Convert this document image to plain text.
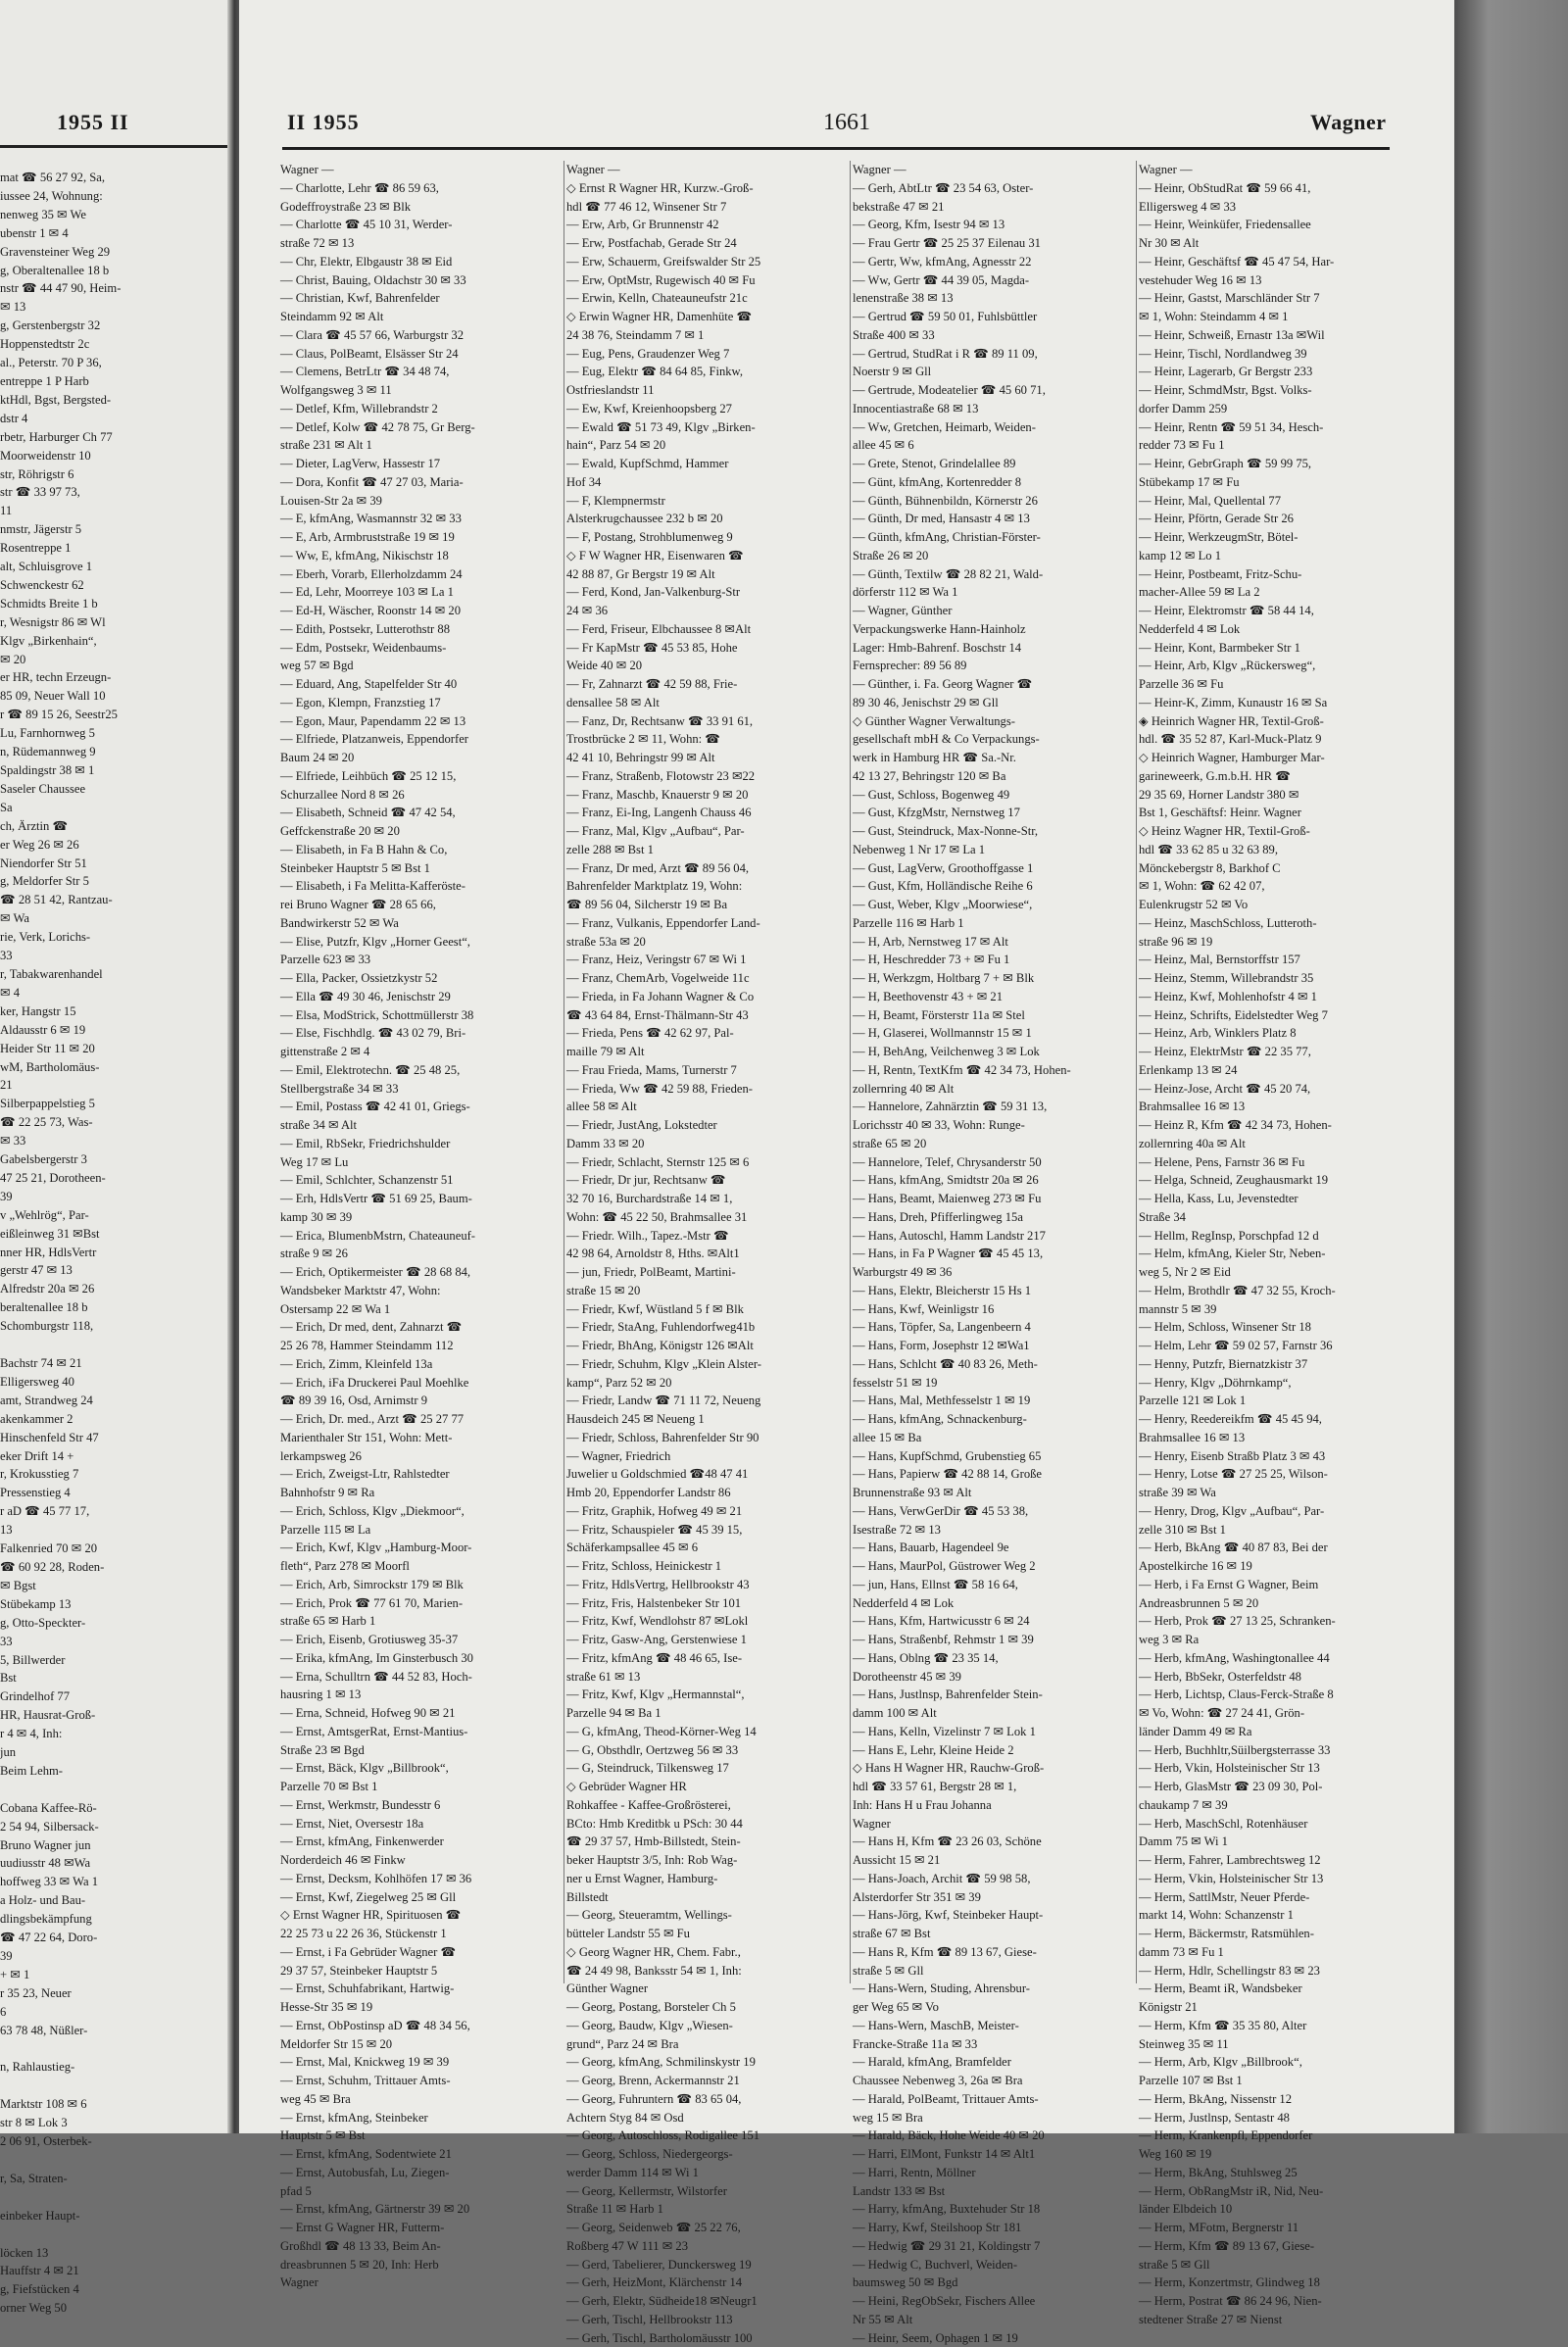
1955 II
mat ☎ 56 27 92, Sa,
iussee 24, Wohnung:
nenweg 35 ✉ We
ubenstr 1 ✉ 4
Gravensteiner Weg 29
g, Oberaltenallee 18 b
nstr ☎ 44 47 90, Heim-
✉ 13
g, Gerstenbergstr 32
Hoppenstedtstr 2c
al., Peterstr. 70 P 36,
entreppe 1 P Harb
ktHdl, Bgst, Bergsted-
dstr 4
rbetr, Harburger Ch 77
Moorweidenstr 10
str, Röhrigstr 6
str ☎ 33 97 73,
11
nmstr, Jägerstr 5
Rosentreppe 1
alt, Schluisgrove 1
Schwenckestr 62
Schmidts Breite 1 b
r, Wesnigstr 86 ✉ Wl
Klgv „Birkenhain“,
✉ 20
er HR, techn Erzeugn-
85 09, Neuer Wall 10
r ☎ 89 15 26, Seestr25
Lu, Farnhornweg 5
n, Rüdemannweg 9
Spaldingstr 38 ✉ 1
Saseler Chaussee
Sa
ch, Ärztin ☎
er Weg 26 ✉ 26
Niendorfer Str 51
g, Meldorfer Str 5
☎ 28 51 42, Rantzau-
✉ Wa
rie, Verk, Lorichs-
33
r, Tabakwarenhandel
✉ 4
ker, Hangstr 15
Aldausstr 6 ✉ 19
Heider Str 11 ✉ 20
wM, Bartholomäus-
21
Silberpappelstieg 5
☎ 22 25 73, Was-
✉ 33
Gabelsbergerstr 3
47 25 21, Dorotheen-
39
v „Wehlrög“, Par-
eißleinweg 31 ✉Bst
nner HR, HdlsVertr
gerstr 47 ✉ 13
Alfredstr 20a ✉ 26
beraltenallee 18 b
Schomburgstr 118,

Bachstr 74 ✉ 21
Elligersweg 40
amt, Strandweg 24
akenkammer 2
Hinschenfeld Str 47
eker Drift 14 +
r, Krokusstieg 7
Pressenstieg 4
r aD ☎ 45 77 17,
13
Falkenried 70 ✉ 20
☎ 60 92 28, Roden-
✉ Bgst
Stübekamp 13
g, Otto-Speckter-
33
5, Billwerder
Bst
Grindelhof 77
HR, Hausrat-Groß-
r 4 ✉ 4, Inh:
jun
Beim Lehm-

Cobana Kaffee-Rö-
2 54 94, Silbersack-
Bruno Wagner jun
uudiusstr 48 ✉Wa
hoffweg 33 ✉ Wa 1
a Holz- und Bau-
dlingsbekämpfung
☎ 47 22 64, Doro-
39
+ ✉ 1
r 35 23, Neuer
6
63 78 48, Nüßler-

n, Rahlaustieg-

Marktstr 108 ✉ 6
str 8 ✉ Lok 3
2 06 91, Osterbek-

r, Sa, Straten-

einbeker Haupt-

löcken 13
Hauffstr 4 ✉ 21
g, Fiefstücken 4
orner Weg 50
II 1955	1661	Wagner
Wagner —
— Charlotte, Lehr ☎ 86 59 63,
Godeffroystraße 23 ✉ Blk
— Charlotte ☎ 45 10 31, Werder-
straße 72 ✉ 13
— Chr, Elektr, Elbgaustr 38 ✉ Eid
— Christ, Bauing, Oldachstr 30 ✉ 33
— Christian, Kwf, Bahrenfelder
Steindamm 92 ✉ Alt
— Clara ☎ 45 57 66, Warburgstr 32
— Claus, PolBeamt, Elsässer Str 24
— Clemens, BetrLtr ☎ 34 48 74,
Wolfgangsweg 3 ✉ 11
— Detlef, Kfm, Willebrandstr 2
— Detlef, Kolw ☎ 42 78 75, Gr Berg-
straße 231 ✉ Alt 1
— Dieter, LagVerw, Hassestr 17
— Dora, Konfit ☎ 47 27 03, Maria-
Louisen-Str 2a ✉ 39
— E, kfmAng, Wasmannstr 32 ✉ 33
— E, Arb, Armbruststraße 19 ✉ 19
— Ww, E, kfmAng, Nikischstr 18
— Eberh, Vorarb, Ellerholzdamm 24
— Ed, Lehr, Moorreye 103 ✉ La 1
— Ed-H, Wäscher, Roonstr 14 ✉ 20
— Edith, Postsekr, Lutterothstr 88
— Edm, Postsekr, Weidenbaums-
weg 57 ✉ Bgd
— Eduard, Ang, Stapelfelder Str 40
— Egon, Klempn, Franzstieg 17
— Egon, Maur, Papendamm 22 ✉ 13
— Elfriede, Platzanweis, Eppendorfer
Baum 24 ✉ 20
— Elfriede, Leihbüch ☎ 25 12 15,
Schurzallee Nord 8 ✉ 26
— Elisabeth, Schneid ☎ 47 42 54,
Geffckenstraße 20 ✉ 20
— Elisabeth, in Fa B Hahn & Co,
Steinbeker Hauptstr 5 ✉ Bst 1
— Elisabeth, i Fa Melitta-Kafferöste-
rei Bruno Wagner ☎ 28 65 66,
Bandwirkerstr 52 ✉ Wa
— Elise, Putzfr, Klgv „Horner Geest“,
Parzelle 623 ✉ 33
— Ella, Packer, Ossietzkystr 52
— Ella ☎ 49 30 46, Jenischstr 29
— Elsa, ModStrick, Schottmüllerstr 38
— Else, Fischhdlg. ☎ 43 02 79, Bri-
gittenstraße 2 ✉ 4
— Emil, Elektrotechn. ☎ 25 48 25,
Stellbergstraße 34 ✉ 33
— Emil, Postass ☎ 42 41 01, Griegs-
straße 34 ✉ Alt
— Emil, RbSekr, Friedrichshulder
Weg 17 ✉ Lu
— Emil, Schlchter, Schanzenstr 51
— Erh, HdlsVertr ☎ 51 69 25, Baum-
kamp 30 ✉ 39
— Erica, BlumenbMstrn, Chateauneuf-
straße 9 ✉ 26
— Erich, Optikermeister ☎ 28 68 84,
Wandsbeker Marktstr 47, Wohn:
Ostersamp 22 ✉ Wa 1
— Erich, Dr med, dent, Zahnarzt ☎
25 26 78, Hammer Steindamm 112
— Erich, Zimm, Kleinfeld 13a
— Erich, iFa Druckerei Paul Moehlke
☎ 89 39 16, Osd, Arnimstr 9
— Erich, Dr. med., Arzt ☎ 25 27 77
Marienthaler Str 151, Wohn: Mett-
lerkampsweg 26
— Erich, Zweigst-Ltr, Rahlstedter
Bahnhofstr 9 ✉ Ra
— Erich, Schloss, Klgv „Diekmoor“,
Parzelle 115 ✉ La
— Erich, Kwf, Klgv „Hamburg-Moor-
fleth“, Parz 278 ✉ Moorfl
— Erich, Arb, Simrockstr 179 ✉ Blk
— Erich, Prok ☎ 77 61 70, Marien-
straße 65 ✉ Harb 1
— Erich, Eisenb, Grotiusweg 35-37
— Erika, kfmAng, Im Ginsterbusch 30
— Erna, Schulltrn ☎ 44 52 83, Hoch-
hausring 1 ✉ 13
— Erna, Schneid, Hofweg 90 ✉ 21
— Ernst, AmtsgerRat, Ernst-Mantius-
Straße 23 ✉ Bgd
— Ernst, Bäck, Klgv „Billbrook“,
Parzelle 70 ✉ Bst 1
— Ernst, Werkmstr, Bundesstr 6
— Ernst, Niet, Oversestr 18a
— Ernst, kfmAng, Finkenwerder
Norderdeich 46 ✉ Finkw
— Ernst, Decksm, Kohlhöfen 17 ✉ 36
— Ernst, Kwf, Ziegelweg 25 ✉ Gll
◇ Ernst Wagner HR, Spirituosen ☎
22 25 73 u 22 26 36, Stückenstr 1
— Ernst, i Fa Gebrüder Wagner ☎
29 37 57, Steinbeker Hauptstr 5
— Ernst, Schuhfabrikant, Hartwig-
Hesse-Str 35 ✉ 19
— Ernst, ObPostinsp aD ☎ 48 34 56,
Meldorfer Str 15 ✉ 20
— Ernst, Mal, Knickweg 19 ✉ 39
— Ernst, Schuhm, Trittauer Amts-
weg 45 ✉ Bra
— Ernst, kfmAng, Steinbeker
Hauptstr 5 ✉ Bst
— Ernst, kfmAng, Sodentwiete 21
— Ernst, Autobusfah, Lu, Ziegen-
pfad 5
— Ernst, kfmAng, Gärtnerstr 39 ✉ 20
— Ernst G Wagner HR, Futterm-
Großhdl ☎ 48 13 33, Beim An-
dreasbrunnen 5 ✉ 20, Inh: Herb
Wagner
Wagner —
◇ Ernst R Wagner HR, Kurzw.-Groß-
hdl ☎ 77 46 12, Winsener Str 7
— Erw, Arb, Gr Brunnenstr 42
— Erw, Postfachab, Gerade Str 24
— Erw, Schauerm, Greifswalder Str 25
— Erw, OptMstr, Rugewisch 40 ✉ Fu
— Erwin, Kelln, Chateauneufstr 21c
◇ Erwin Wagner HR, Damenhüte ☎
24 38 76, Steindamm 7 ✉ 1
— Eug, Pens, Graudenzer Weg 7
— Eug, Elektr ☎ 84 64 85, Finkw,
Ostfrieslandstr 11
— Ew, Kwf, Kreienhoopsberg 27
— Ewald ☎ 51 73 49, Klgv „Birken-
hain“, Parz 54 ✉ 20
— Ewald, KupfSchmd, Hammer
Hof 34
— F, Klempnermstr
Alsterkrugchaussee 232 b ✉ 20
— F, Postang, Strohblumenweg 9
◇ F W Wagner HR, Eisenwaren ☎
42 88 87, Gr Bergstr 19 ✉ Alt
— Ferd, Kond, Jan-Valkenburg-Str
24 ✉ 36
— Ferd, Friseur, Elbchaussee 8 ✉Alt
— Fr KapMstr ☎ 45 53 85, Hohe
Weide 40 ✉ 20
— Fr, Zahnarzt ☎ 42 59 88, Frie-
densallee 58 ✉ Alt
— Fanz, Dr, Rechtsanw ☎ 33 91 61,
Trostbrücke 2 ✉ 11, Wohn: ☎
42 41 10, Behringstr 99 ✉ Alt
— Franz, Straßenb, Flotowstr 23 ✉22
— Franz, Maschb, Knauerstr 9 ✉ 20
— Franz, Ei-Ing, Langenh Chauss 46
— Franz, Mal, Klgv „Aufbau“, Par-
zelle 288 ✉ Bst 1
— Franz, Dr med, Arzt ☎ 89 56 04,
Bahrenfelder Marktplatz 19, Wohn:
☎ 89 56 04, Silcherstr 19 ✉ Ba
— Franz, Vulkanis, Eppendorfer Land-
straße 53a ✉ 20
— Franz, Heiz, Veringstr 67 ✉ Wi 1
— Franz, ChemArb, Vogelweide 11c
— Frieda, in Fa Johann Wagner & Co
☎ 43 64 84, Ernst-Thälmann-Str 43
— Frieda, Pens ☎ 42 62 97, Pal-
maille 79 ✉ Alt
— Frau Frieda, Mams, Turnerstr 7
— Frieda, Ww ☎ 42 59 88, Frieden-
allee 58 ✉ Alt
— Friedr, JustAng, Lokstedter
Damm 33 ✉ 20
— Friedr, Schlacht, Sternstr 125 ✉ 6
— Friedr, Dr jur, Rechtsanw ☎
32 70 16, Burchardstraße 14 ✉ 1,
Wohn: ☎ 45 22 50, Brahmsallee 31
— Friedr. Wilh., Tapez.-Mstr ☎
42 98 64, Arnoldstr 8, Hths. ✉Alt1
— jun, Friedr, PolBeamt, Martini-
straße 15 ✉ 20
— Friedr, Kwf, Wüstland 5 f ✉ Blk
— Friedr, StaAng, Fuhlendorfweg41b
— Friedr, BhAng, Königstr 126 ✉Alt
— Friedr, Schuhm, Klgv „Klein Alster-
kamp“, Parz 52 ✉ 20
— Friedr, Landw ☎ 71 11 72, Neueng
Hausdeich 245 ✉ Neueng 1
— Friedr, Schloss, Bahrenfelder Str 90
— Wagner, Friedrich
Juwelier u Goldschmied ☎48 47 41
Hmb 20, Eppendorfer Landstr 86
— Fritz, Graphik, Hofweg 49 ✉ 21
— Fritz, Schauspieler ☎ 45 39 15,
Schäferkampsallee 45 ✉ 6
— Fritz, Schloss, Heinickestr 1
— Fritz, HdlsVertrg, Hellbrookstr 43
— Fritz, Fris, Halstenbeker Str 101
— Fritz, Kwf, Wendlohstr 87 ✉Lokl
— Fritz, Gasw-Ang, Gerstenwiese 1
— Fritz, kfmAng ☎ 48 46 65, Ise-
straße 61 ✉ 13
— Fritz, Kwf, Klgv „Hermannstal“,
Parzelle 94 ✉ Ba 1
— G, kfmAng, Theod-Körner-Weg 14
— G, Obsthdlr, Oertzweg 56 ✉ 33
— G, Steindruck, Tilkensweg 17
◇ Gebrüder Wagner HR
Rohkaffee - Kaffee-Großrösterei,
BCto: Hmb Kreditbk u PSch: 30 44
☎ 29 37 57, Hmb-Billstedt, Stein-
beker Hauptstr 3/5, Inh: Rob Wag-
ner u Ernst Wagner, Hamburg-
Billstedt
— Georg, Steueramtm, Wellings-
bütteler Landstr 55 ✉ Fu
◇ Georg Wagner HR, Chem. Fabr.,
☎ 24 49 98, Banksstr 54 ✉ 1, Inh:
Günther Wagner
— Georg, Postang, Borsteler Ch 5
— Georg, Baudw, Klgv „Wiesen-
grund“, Parz 24 ✉ Bra
— Georg, kfmAng, Schmilinskystr 19
— Georg, Brenn, Ackermannstr 21
— Georg, Fuhruntern ☎ 83 65 04,
Achtern Styg 84 ✉ Osd
— Georg, Autoschloss, Rodigallee 151
— Georg, Schloss, Niedergeorgs-
werder Damm 114 ✉ Wi 1
— Georg, Kellermstr, Wilstorfer
Straße 11 ✉ Harb 1
— Georg, Seidenweb ☎ 25 22 76,
Roßberg 47 W 111 ✉ 23
— Gerd, Tabelierer, Dunckersweg 19
— Gerh, HeizMont, Klärchenstr 14
— Gerh, Elektr, Südheide18 ✉Neugr1
— Gerh, Tischl, Hellbrookstr 113
— Gerh, Tischl, Bartholomäusstr 100
Wagner —
— Gerh, AbtLtr ☎ 23 54 63, Oster-
bekstraße 47 ✉ 21
— Georg, Kfm, Isestr 94 ✉ 13
— Frau Gertr ☎ 25 25 37 Eilenau 31
— Gertr, Ww, kfmAng, Agnesstr 22
— Ww, Gertr ☎ 44 39 05, Magda-
lenenstraße 38 ✉ 13
— Gertrud ☎ 59 50 01, Fuhlsbüttler
Straße 400 ✉ 33
— Gertrud, StudRat i R ☎ 89 11 09,
Noerstr 9 ✉ Gll
— Gertrude, Modeatelier ☎ 45 60 71,
Innocentiastraße 68 ✉ 13
— Ww, Gretchen, Heimarb, Weiden-
allee 45 ✉ 6
— Grete, Stenot, Grindelallee 89
— Günt, kfmAng, Kortenredder 8
— Günth, Bühnenbildn, Körnerstr 26
— Günth, Dr med, Hansastr 4 ✉ 13
— Günth, kfmAng, Christian-Förster-
Straße 26 ✉ 20
— Günth, Textilw ☎ 28 82 21, Wald-
dörferstr 112 ✉ Wa 1
— Wagner, Günther
Verpackungswerke Hann-Hainholz
Lager: Hmb-Bahrenf. Boschstr 14
Fernsprecher: 89 56 89
— Günther, i. Fa. Georg Wagner ☎
89 30 46, Jenischstr 29 ✉ Gll
◇ Günther Wagner Verwaltungs-
gesellschaft mbH & Co Verpackungs-
werk in Hamburg HR ☎ Sa.-Nr.
42 13 27, Behringstr 120 ✉ Ba
— Gust, Schloss, Bogenweg 49
— Gust, KfzgMstr, Nernstweg 17
— Gust, Steindruck, Max-Nonne-Str,
Nebenweg 1 Nr 17 ✉ La 1
— Gust, LagVerw, Groothoffgasse 1
— Gust, Kfm, Holländische Reihe 6
— Gust, Weber, Klgv „Moorwiese“,
Parzelle 116 ✉ Harb 1
— H, Arb, Nernstweg 17 ✉ Alt
— H, Heschredder 73 + ✉ Fu 1
— H, Werkzgm, Holtbarg 7 + ✉ Blk
— H, Beethovenstr 43 + ✉ 21
— H, Beamt, Försterstr 11a ✉ Stel
— H, Glaserei, Wollmannstr 15 ✉ 1
— H, BehAng, Veilchenweg 3 ✉ Lok
— H, Rentn, TextKfm ☎ 42 34 73, Hohen-
zollernring 40 ✉ Alt
— Hannelore, Zahnärztin ☎ 59 31 13,
Lorichsstr 40 ✉ 33, Wohn: Runge-
straße 65 ✉ 20
— Hannelore, Telef, Chrysanderstr 50
— Hans, kfmAng, Smidtstr 20a ✉ 26
— Hans, Beamt, Maienweg 273 ✉ Fu
— Hans, Dreh, Pfifferlingweg 15a
— Hans, Autoschl, Hamm Landstr 217
— Hans, in Fa P Wagner ☎ 45 45 13,
Warburgstr 49 ✉ 36
— Hans, Elektr, Bleicherstr 15 Hs 1
— Hans, Kwf, Weinligstr 16
— Hans, Töpfer, Sa, Langenbeern 4
— Hans, Form, Josephstr 12 ✉Wa1
— Hans, Schlcht ☎ 40 83 26, Meth-
fesselstr 51 ✉ 19
— Hans, Mal, Methfesselstr 1 ✉ 19
— Hans, kfmAng, Schnackenburg-
allee 15 ✉ Ba
— Hans, KupfSchmd, Grubenstieg 65
— Hans, Papierw ☎ 42 88 14, Große
Brunnenstraße 93 ✉ Alt
— Hans, VerwGerDir ☎ 45 53 38,
Isestraße 72 ✉ 13
— Hans, Bauarb, Hagendeel 9e
— Hans, MaurPol, Güstrower Weg 2
— jun, Hans, Ellnst ☎ 58 16 64,
Nedderfeld 4 ✉ Lok
— Hans, Kfm, Hartwicusstr 6 ✉ 24
— Hans, Straßenbf, Rehmstr 1 ✉ 39
— Hans, Oblng ☎ 23 35 14,
Dorotheenstr 45 ✉ 39
— Hans, Justlnsp, Bahrenfelder Stein-
damm 100 ✉ Alt
— Hans, Kelln, Vizelinstr 7 ✉ Lok 1
— Hans E, Lehr, Kleine Heide 2
◇ Hans H Wagner HR, Rauchw-Groß-
hdl ☎ 33 57 61, Bergstr 28 ✉ 1,
Inh: Hans H u Frau Johanna
Wagner
— Hans H, Kfm ☎ 23 26 03, Schöne
Aussicht 15 ✉ 21
— Hans-Joach, Archit ☎ 59 98 58,
Alsterdorfer Str 351 ✉ 39
— Hans-Jörg, Kwf, Steinbeker Haupt-
straße 67 ✉ Bst
— Hans R, Kfm ☎ 89 13 67, Giese-
straße 5 ✉ Gll
— Hans-Wern, Studing, Ahrensbur-
ger Weg 65 ✉ Vo
— Hans-Wern, MaschB, Meister-
Francke-Straße 11a ✉ 33
— Harald, kfmAng, Bramfelder
Chaussee Nebenweg 3, 26a ✉ Bra
— Harald, PolBeamt, Trittauer Amts-
weg 15 ✉ Bra
— Harald, Bäck, Hohe Weide 40 ✉ 20
— Harri, ElMont, Funkstr 14 ✉ Alt1
— Harri, Rentn, Möllner
Landstr 133 ✉ Bst
— Harry, kfmAng, Buxtehuder Str 18
— Harry, Kwf, Steilshoop Str 181
— Hedwig ☎ 29 31 21, Koldingstr 7
— Hedwig C, Buchverl, Weiden-
baumsweg 50 ✉ Bgd
— Heini, RegObSekr, Fischers Allee
Nr 55 ✉ Alt
— Heinr, Seem, Ophagen 1 ✉ 19
Wagner —
— Heinr, ObStudRat ☎ 59 66 41,
Elligersweg 4 ✉ 33
— Heinr, Weinküfer, Friedensallee
Nr 30 ✉ Alt
— Heinr, Geschäftsf ☎ 45 47 54, Har-
vestehuder Weg 16 ✉ 13
— Heinr, Gastst, Marschländer Str 7
✉ 1, Wohn: Steindamm 4 ✉ 1
— Heinr, Schweiß, Ernastr 13a ✉Wil
— Heinr, Tischl, Nordlandweg 39
— Heinr, Lagerarb, Gr Bergstr 233
— Heinr, SchmdMstr, Bgst. Volks-
dorfer Damm 259
— Heinr, Rentn ☎ 59 51 34, Hesch-
redder 73 ✉ Fu 1
— Heinr, GebrGraph ☎ 59 99 75,
Stübekamp 17 ✉ Fu
— Heinr, Mal, Quellental 77
— Heinr, Pförtn, Gerade Str 26
— Heinr, WerkzeugmStr, Bötel-
kamp 12 ✉ Lo 1
— Heinr, Postbeamt, Fritz-Schu-
macher-Allee 59 ✉ La 2
— Heinr, Elektromstr ☎ 58 44 14,
Nedderfeld 4 ✉ Lok
— Heinr, Kont, Barmbeker Str 1
— Heinr, Arb, Klgv „Rückersweg“,
Parzelle 36 ✉ Fu
— Heinr-K, Zimm, Kunaustr 16 ✉ Sa
◈ Heinrich Wagner HR, Textil-Groß-
hdl. ☎ 35 52 87, Karl-Muck-Platz 9
◇ Heinrich Wagner, Hamburger Mar-
garineweerk, G.m.b.H. HR ☎
29 35 69, Horner Landstr 380 ✉
Bst 1, Geschäftsf: Heinr. Wagner
◇ Heinz Wagner HR, Textil-Groß-
hdl ☎ 33 62 85 u 32 63 89,
Mönckebergstr 8, Barkhof C
✉ 1, Wohn: ☎ 62 42 07,
Eulenkrugstr 52 ✉ Vo
— Heinz, MaschSchloss, Lutteroth-
straße 96 ✉ 19
— Heinz, Mal, Bernstorffstr 157
— Heinz, Stemm, Willebrandstr 35
— Heinz, Kwf, Mohlenhofstr 4 ✉ 1
— Heinz, Schrifts, Eidelstedter Weg 7
— Heinz, Arb, Winklers Platz 8
— Heinz, ElektrMstr ☎ 22 35 77,
Erlenkamp 13 ✉ 24
— Heinz-Jose, Archt ☎ 45 20 74,
Brahmsallee 16 ✉ 13
— Heinz R, Kfm ☎ 42 34 73, Hohen-
zollernring 40a ✉ Alt
— Helene, Pens, Farnstr 36 ✉ Fu
— Helga, Schneid, Zeughausmarkt 19
— Hella, Kass, Lu, Jevenstedter
Straße 34
— Hellm, RegInsp, Porschpfad 12 d
— Helm, kfmAng, Kieler Str, Neben-
weg 5, Nr 2 ✉ Eid
— Helm, Brothdlr ☎ 47 32 55, Kroch-
mannstr 5 ✉ 39
— Helm, Schloss, Winsener Str 18
— Helm, Lehr ☎ 59 02 57, Farnstr 36
— Henny, Putzfr, Biernatzkistr 37
— Henry, Klgv „Döhrnkamp“,
Parzelle 121 ✉ Lok 1
— Henry, Reedereikfm ☎ 45 45 94,
Brahmsallee 16 ✉ 13
— Henry, Eisenb Straßb Platz 3 ✉ 43
— Henry, Lotse ☎ 27 25 25, Wilson-
straße 39 ✉ Wa
— Henry, Drog, Klgv „Aufbau“, Par-
zelle 310 ✉ Bst 1
— Herb, BkAng ☎ 40 87 83, Bei der
Apostelkirche 16 ✉ 19
— Herb, i Fa Ernst G Wagner, Beim
Andreasbrunnen 5 ✉ 20
— Herb, Prok ☎ 27 13 25, Schranken-
weg 3 ✉ Ra
— Herb, kfmAng, Washingtonallee 44
— Herb, BbSekr, Osterfeldstr 48
— Herb, Lichtsp, Claus-Ferck-Straße 8
✉ Vo, Wohn: ☎ 27 24 41, Grön-
länder Damm 49 ✉ Ra
— Herb, Buchhltr,Süilbergsterrasse 33
— Herb, Vkin, Holsteinischer Str 13
— Herb, GlasMstr ☎ 23 09 30, Pol-
chaukamp 7 ✉ 39
— Herb, MaschSchl, Rotenhäuser
Damm 75 ✉ Wi 1
— Herm, Fahrer, Lambrechtsweg 12
— Herm, Vkin, Holsteinischer Str 13
— Herm, SattlMstr, Neuer Pferde-
markt 14, Wohn: Schanzenstr 1
— Herm, Bäckermstr, Ratsmühlen-
damm 73 ✉ Fu 1
— Herm, Hdlr, Schellingstr 83 ✉ 23
— Herm, Beamt iR, Wandsbeker
Königstr 21
— Herm, Kfm ☎ 35 35 80, Alter
Steinweg 35 ✉ 11
— Herm, Arb, Klgv „Billbrook“,
Parzelle 107 ✉ Bst 1
— Herm, BkAng, Nissenstr 12
— Herm, Justlnsp, Sentastr 48
— Herm, Krankenpfl, Eppendorfer
Weg 160 ✉ 19
— Herm, BkAng, Stuhlsweg 25
— Herm, ObRangMstr iR, Nid, Neu-
länder Elbdeich 10
— Herm, MFotm, Bergnerstr 11
— Herm, Kfm ☎ 89 13 67, Giese-
straße 5 ✉ Gll
— Herm, Konzertmstr, Glindweg 18
— Herm, Postrat ☎ 86 24 96, Nien-
stedtener Straße 27 ✉ Nienst
